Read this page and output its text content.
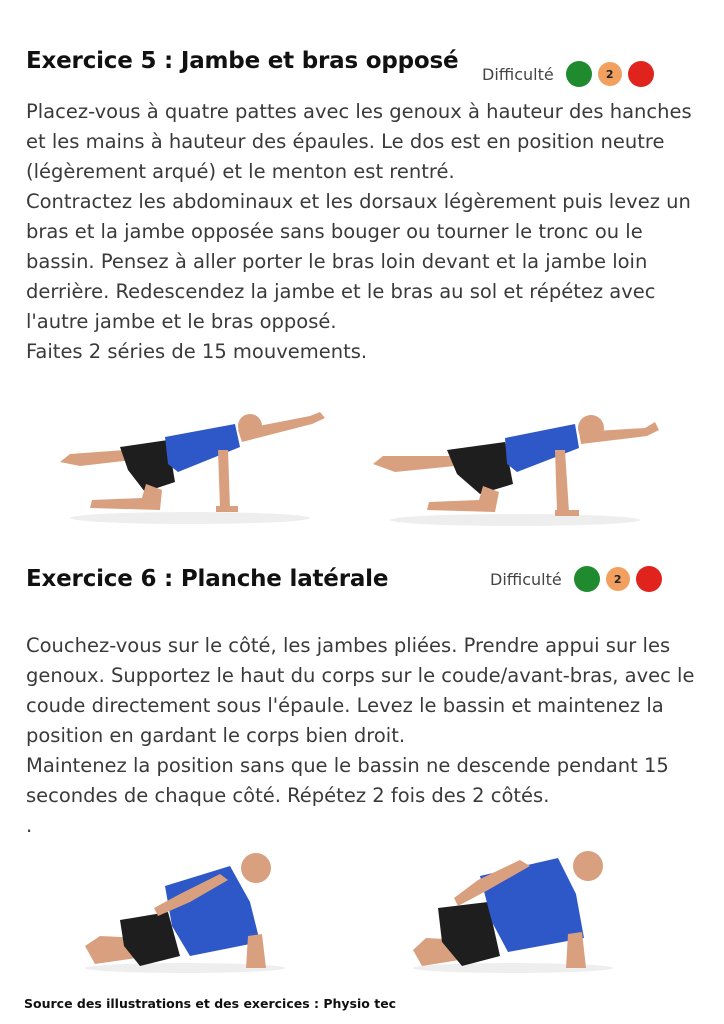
Exercice 5 : Jambe et bras opposé Difficulté	2

Placez-vous à quatre pattes avec les genoux à hauteur des hanches et les mains à hauteur des épaules. Le dos est en position neutre (légèrement arqué) et le menton est rentré.

Contractez les abdominaux et les dorsaux légèrement puis levez un bras et la jambe opposée sans bouger ou tourner le tronc ou le bassin. Pensez à aller porter le bras loin devant et la jambe loin derrière. Redescendez la jambe et le bras au sol et répétez avec l'autre jambe et le bras opposé.

Faites 2 séries de 15 mouvements.

Exercice 6 : Planche latérale	Difficulté	2

Couchez-vous sur le côté, les jambes pliées. Prendre appui sur les genoux. Supportez le haut du corps sur le coude/avant-bras, avec le coude directement sous l'épaule. Levez le bassin et maintenez la position en gardant le corps bien droit.

Maintenez la position sans que le bassin ne descende pendant 15 secondes de chaque côté. Répétez 2 fois des 2 côtés.

.

Source des illustrations et des exercices : Physio tec
